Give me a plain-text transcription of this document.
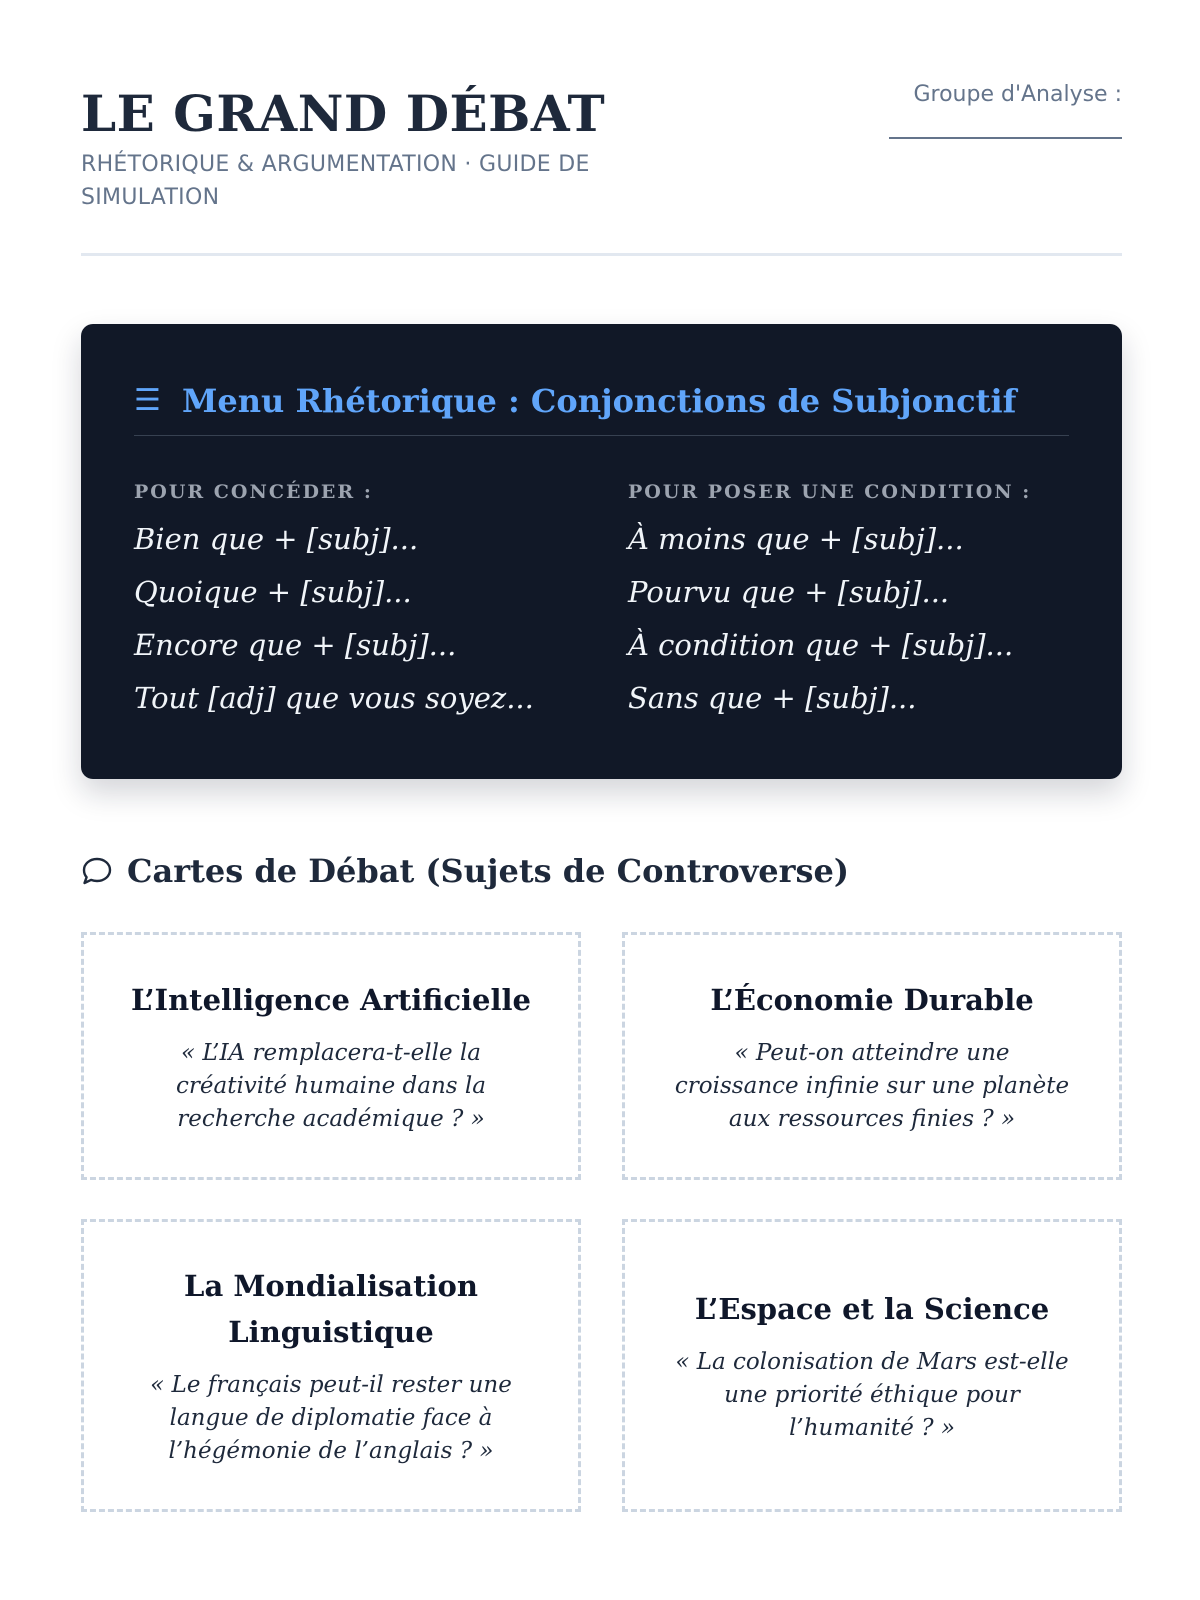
LE GRAND DÉBAT
RHÉTORIQUE & ARGUMENTATION · GUIDE DE SIMULATION
Groupe d'Analyse :
☰ Menu Rhétorique : Conjonctions de Subjonctif
POUR CONCÉDER :
Bien que + [subj]...
Quoique + [subj]...
Encore que + [subj]...
Tout [adj] que vous soyez...
POUR POSER UNE CONDITION :
À moins que + [subj]...
Pourvu que + [subj]...
À condition que + [subj]...
Sans que + [subj]...
Cartes de Débat (Sujets de Controverse)
L’Intelligence Artificielle

« L’IA remplacera-t-elle la créativité humaine dans la recherche académique ? »

L’Économie Durable

« Peut-on atteindre une croissance infinie sur une planète aux ressources finies ? »

La Mondialisation Linguistique

« Le français peut-il rester une langue de diplomatie face à l’hégémonie de l’anglais ? »

L’Espace et la Science

« La colonisation de Mars est-elle une priorité éthique pour l’humanité ? »
